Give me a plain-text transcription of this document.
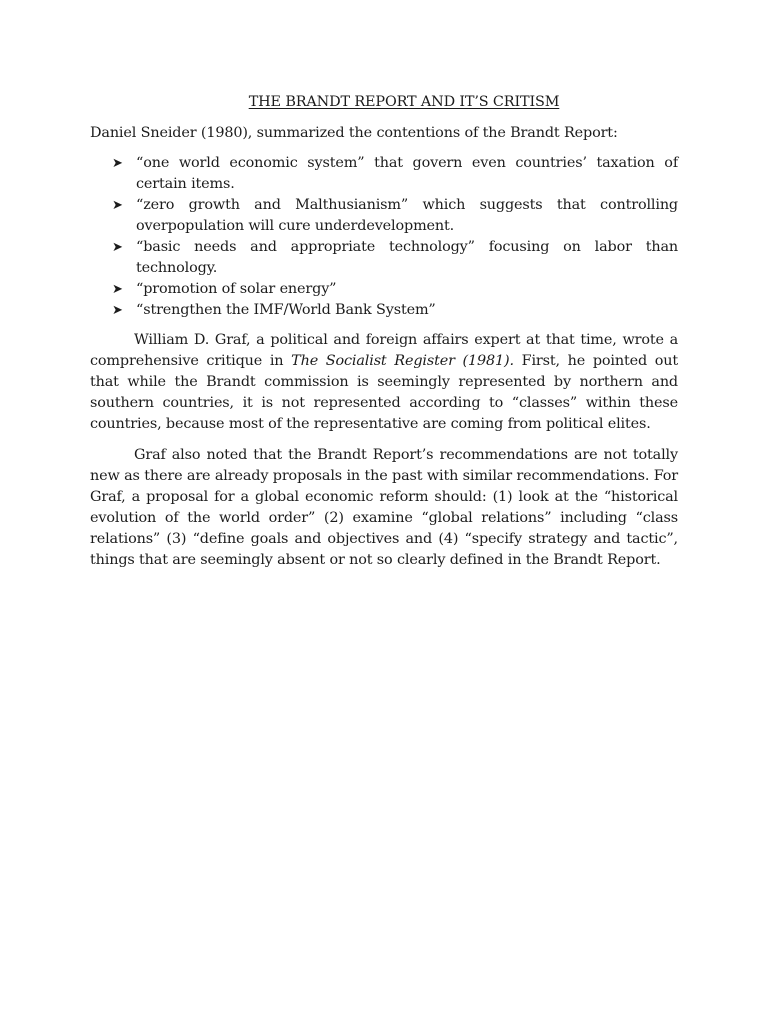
THE BRANDT REPORT AND IT’S CRITISM

Daniel Sneider (1980), summarized the contentions of the Brandt Report:

➤ “one world economic system” that govern even countries’ taxation of certain items.
➤ “zero growth and Malthusianism” which suggests that controlling overpopulation will cure underdevelopment.
➤ “basic needs and appropriate technology” focusing on labor than technology.
➤ “promotion of solar energy”
➤ “strengthen the IMF/World Bank System”

William D. Graf, a political and foreign affairs expert at that time, wrote a comprehensive critique in The Socialist Register (1981). First, he pointed out that while the Brandt commission is seemingly represented by northern and southern countries, it is not represented according to “classes” within these countries, because most of the representative are coming from political elites.

Graf also noted that the Brandt Report’s recommendations are not totally new as there are already proposals in the past with similar recommendations. For Graf, a proposal for a global economic reform should: (1) look at the “historical evolution of the world order” (2) examine “global relations” including “class relations” (3) “define goals and objectives and (4) “specify strategy and tactic”, things that are seemingly absent or not so clearly defined in the Brandt Report.
